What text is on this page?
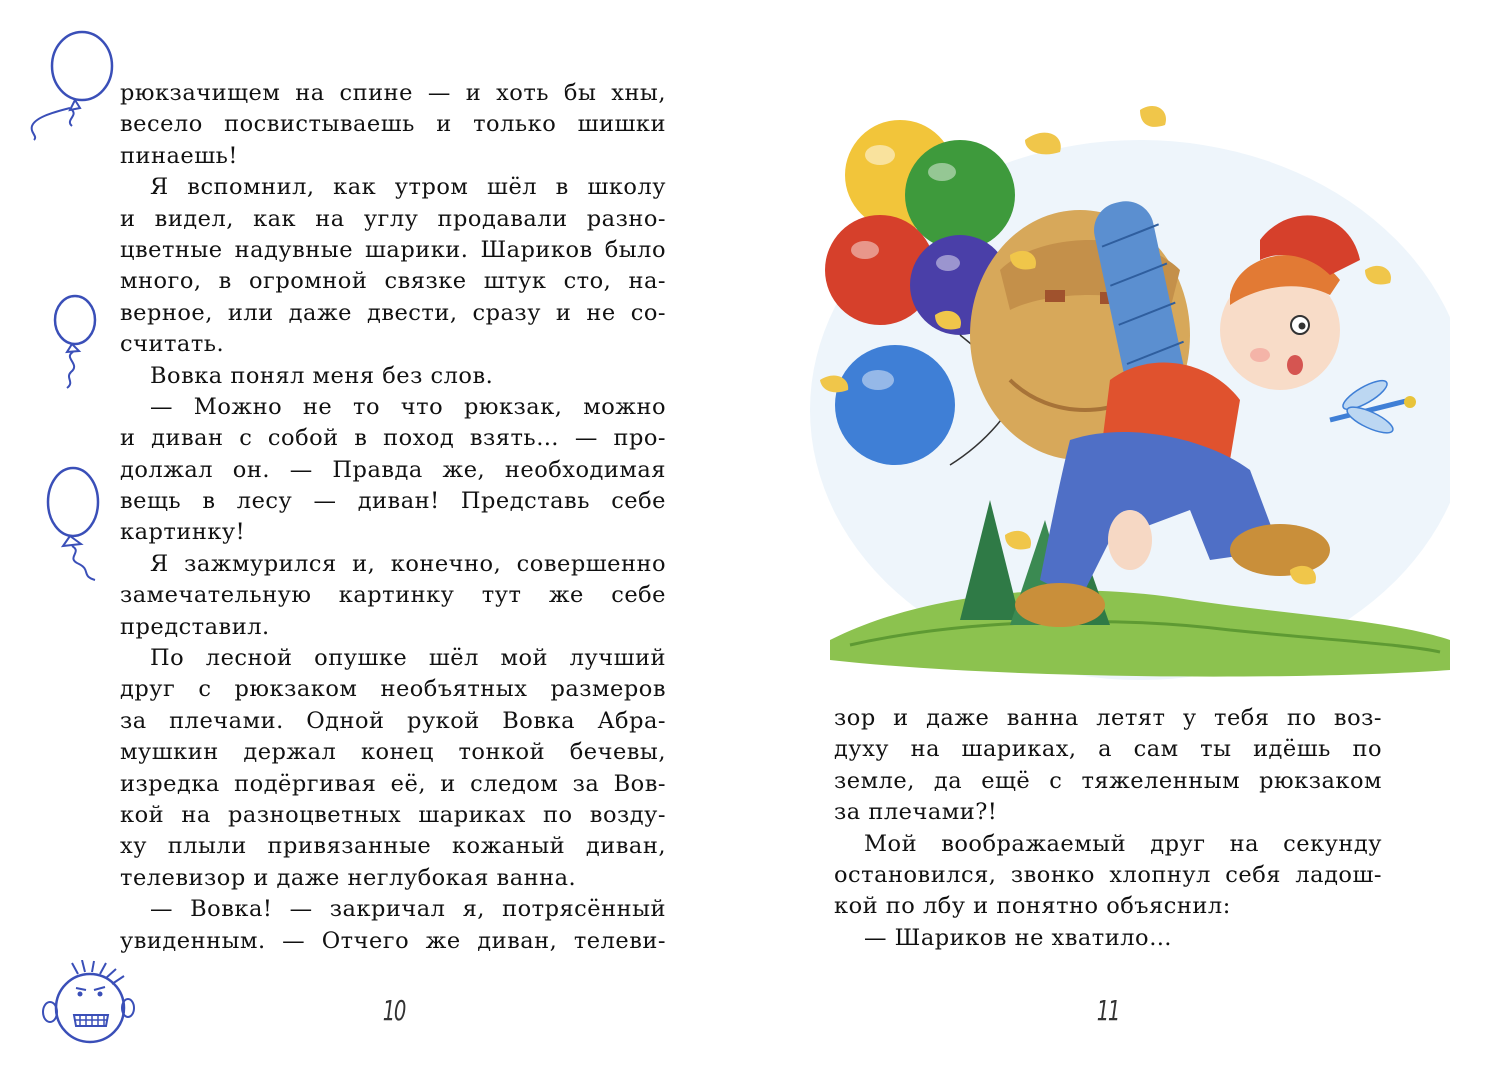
рюкзачищем на спине — и хоть бы хны,
весело посвистываешь и только шишки
пинаешь!
Я вспомнил, как утром шёл в школу
и видел, как на углу продавали разно-
цветные надувные шарики. Шариков было
много, в огромной связке штук сто, на-
верное, или даже двести, сразу и не со-
считать.
Вовка понял меня без слов.
— Можно не то что рюкзак, можно
и диван с собой в поход взять… — про-
должал он. — Правда же, необходимая
вещь в лесу — диван! Представь себе
картинку!
Я зажмурился и, конечно, совершенно
замечательную картинку тут же себе
представил.
По лесной опушке шёл мой лучший
друг с рюкзаком необъятных размеров
за плечами. Одной рукой Вовка Абра-
мушкин держал конец тонкой бечевы,
изредка подёргивая её, и следом за Вов-
кой на разноцветных шариках по возду-
ху плыли привязанные кожаный диван,
телевизор и даже неглубокая ванна.
— Вовка! — закричал я, потрясённый
увиденным. — Отчего же диван, телеви-
10
зор и даже ванна летят у тебя по воз-
духу на шариках, а сам ты идёшь по
земле, да ещё с тяжеленным рюкзаком
за плечами?!
Мой воображаемый друг на секунду
остановился, звонко хлопнул себя ладош-
кой по лбу и понятно объяснил:
— Шариков не хватило…
11
